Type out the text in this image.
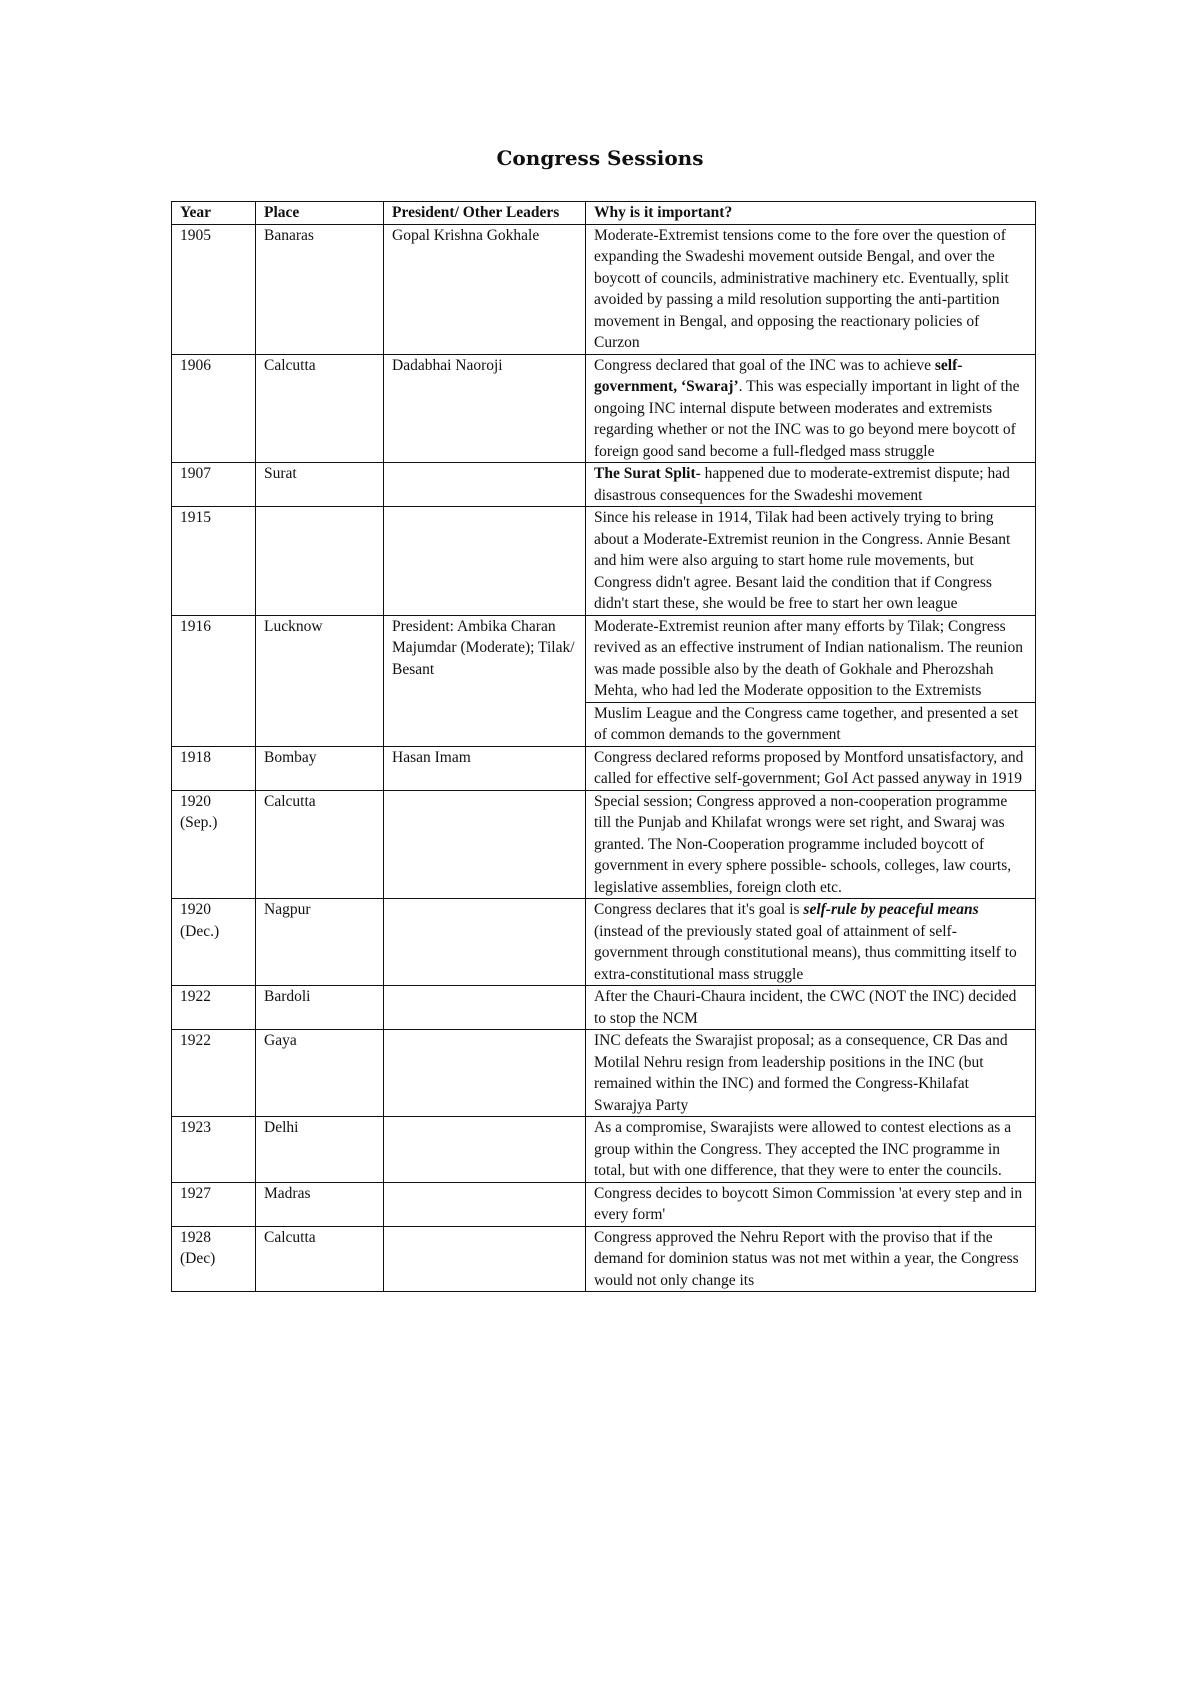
Congress Sessions
Year	Place	President/ Other Leaders	Why is it important?
1905	Banaras	Gopal Krishna Gokhale	Moderate-Extremist tensions come to the fore over the question of expanding the Swadeshi movement outside Bengal, and over the boycott of councils, administrative machinery etc. Eventually, split avoided by passing a mild resolution supporting the anti-partition movement in Bengal, and opposing the reactionary policies of Curzon
1906	Calcutta	Dadabhai Naoroji	Congress declared that goal of the INC was to achieve self-government, ‘Swaraj’. This was especially important in light of the ongoing INC internal dispute between moderates and extremists regarding whether or not the INC was to go beyond mere boycott of foreign good sand become a full-fledged mass struggle
1907	Surat		The Surat Split- happened due to moderate-extremist dispute; had disastrous consequences for the Swadeshi movement
1915			Since his release in 1914, Tilak had been actively trying to bring about a Moderate-Extremist reunion in the Congress. Annie Besant and him were also arguing to start home rule movements, but Congress didn't agree. Besant laid the condition that if Congress didn't start these, she would be free to start her own league
1916	Lucknow	President: Ambika Charan Majumdar (Moderate); Tilak/ Besant	Moderate-Extremist reunion after many efforts by Tilak; Congress revived as an effective instrument of Indian nationalism. The reunion was made possible also by the death of Gokhale and Pherozshah Mehta, who had led the Moderate opposition to the Extremists
			Muslim League and the Congress came together, and presented a set of common demands to the government
1918	Bombay	Hasan Imam	Congress declared reforms proposed by Montford unsatisfactory, and called for effective self-government; GoI Act passed anyway in 1919
1920 (Sep.)	Calcutta		Special session; Congress approved a non-cooperation programme till the Punjab and Khilafat wrongs were set right, and Swaraj was granted. The Non-Cooperation programme included boycott of government in every sphere possible- schools, colleges, law courts, legislative assemblies, foreign cloth etc.
1920 (Dec.)	Nagpur		Congress declares that it's goal is self-rule by peaceful means (instead of the previously stated goal of attainment of self-government through constitutional means), thus committing itself to extra-constitutional mass struggle
1922	Bardoli		After the Chauri-Chaura incident, the CWC (NOT the INC) decided to stop the NCM
1922	Gaya		INC defeats the Swarajist proposal; as a consequence, CR Das and Motilal Nehru resign from leadership positions in the INC (but remained within the INC) and formed the Congress-Khilafat Swarajya Party
1923	Delhi		As a compromise, Swarajists were allowed to contest elections as a group within the Congress. They accepted the INC programme in total, but with one difference, that they were to enter the councils.
1927	Madras		Congress decides to boycott Simon Commission 'at every step and in every form'
1928 (Dec)	Calcutta		Congress approved the Nehru Report with the proviso that if the demand for dominion status was not met within a year, the Congress would not only change its
